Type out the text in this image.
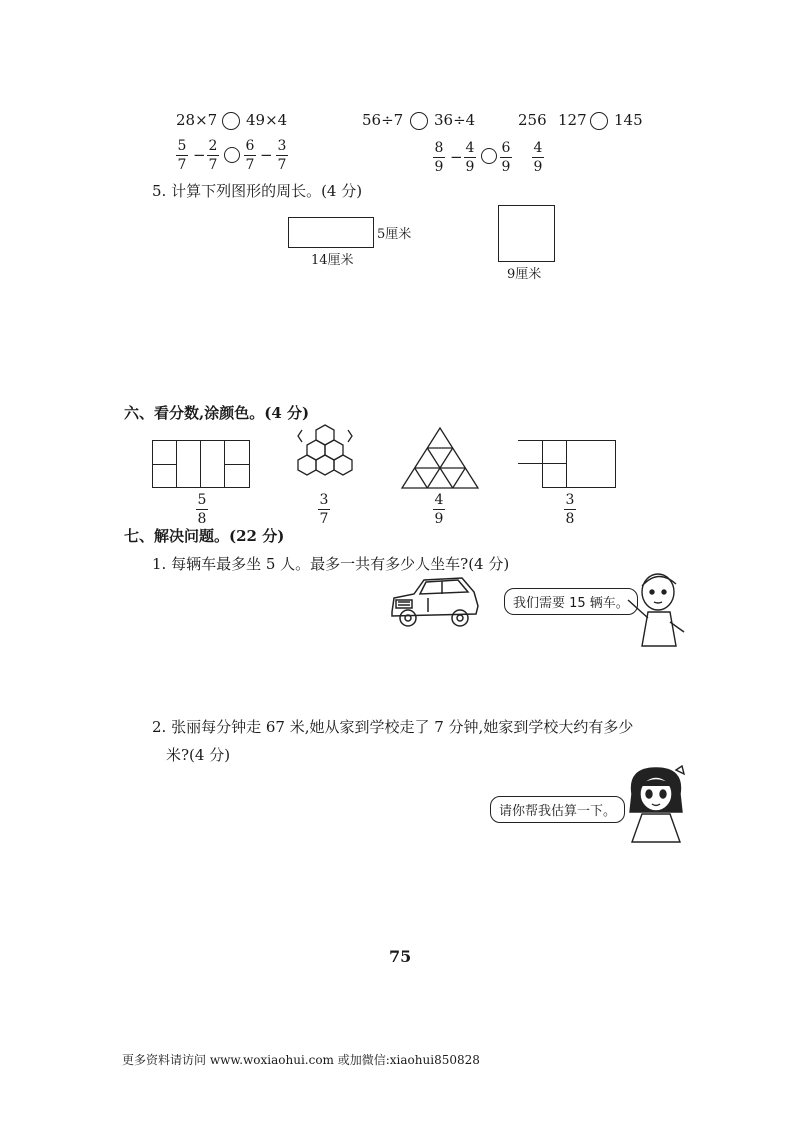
28×7 49×4	56÷7 36÷4	256 127 145
5
7
− 2
7
6
7
− 3
7
8
9
− 4
9
6
9
4
9
5. 计算下列图形的周长。(4 分)
5厘米
14厘米
9厘米
六、看分数,涂颜色。(4 分)
5
8
3
7
4
9
3
8
七、解决问题。(22 分)
1. 每辆车最多坐 5 人。最多一共有多少人坐车?(4 分)
我们需要 15 辆车。
2. 张丽每分钟走 67 米,她从家到学校走了 7 分钟,她家到学校大约有多少
米?(4 分)
请你帮我估算一下。
75
更多资料请访问 www.woxiaohui.com 或加微信:xiaohui850828
